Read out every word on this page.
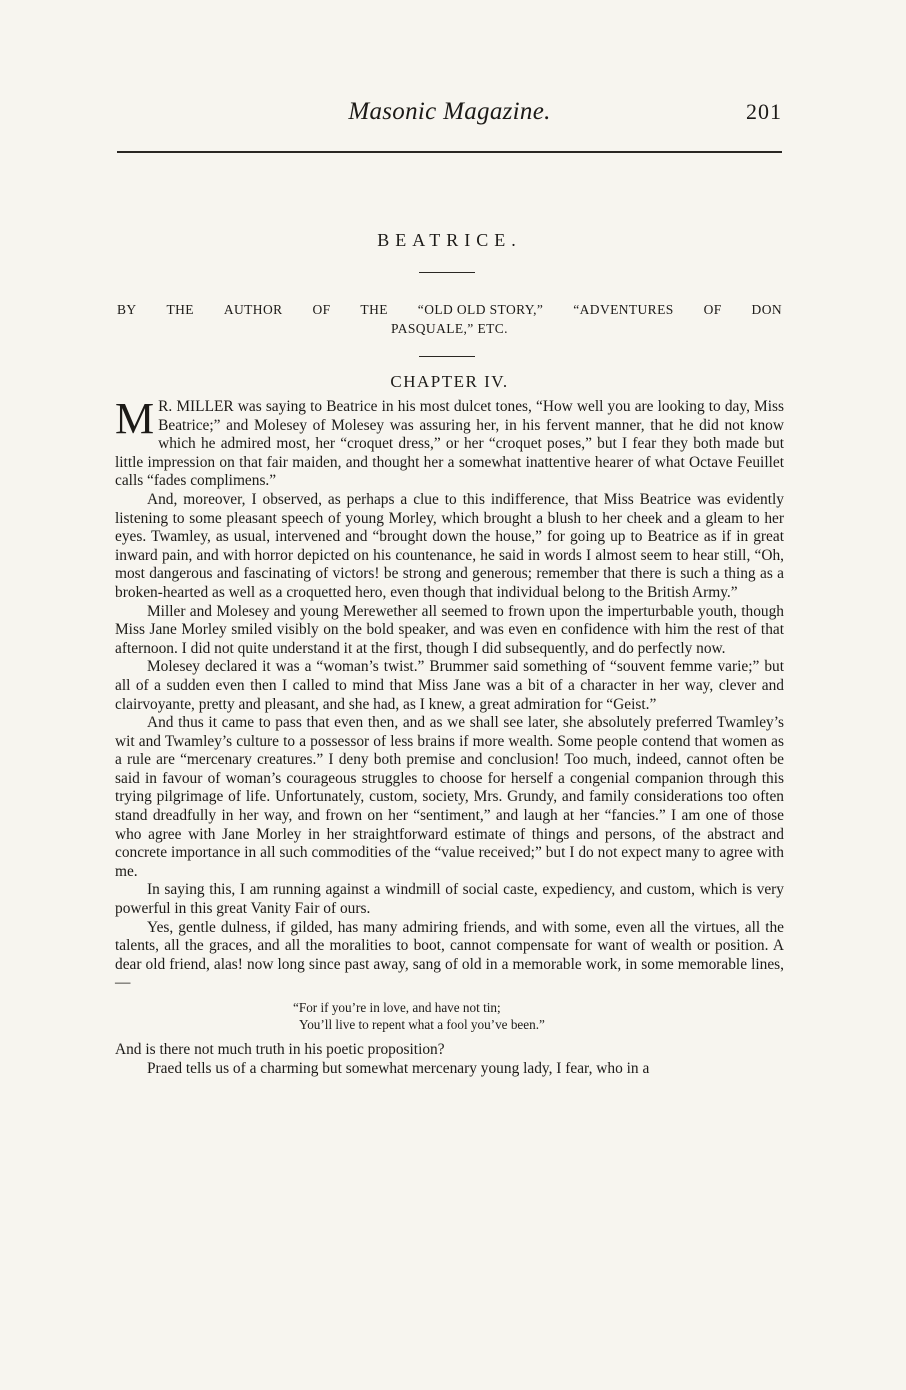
Masonic Magazine.	201
BEATRICE.
BY THE AUTHOR OF THE “OLD OLD STORY,” “ADVENTURES OF DON
PASQUALE,” ETC.
CHAPTER IV.

M R. MILLER was saying to Beatrice in his most dulcet tones, “How well you are looking to day, Miss Beatrice;” and Molesey of Molesey was assuring her, in his fervent manner, that he did not know which he admired most, her “croquet dress,” or her “croquet poses,” but I fear they both made but little impression on that fair maiden, and thought her a somewhat inattentive hearer of what Octave Feuillet calls “fades complimens.”

And, moreover, I observed, as perhaps a clue to this indifference, that Miss Beatrice was evidently listening to some pleasant speech of young Morley, which brought a blush to her cheek and a gleam to her eyes. Twamley, as usual, intervened and “brought down the house,” for going up to Beatrice as if in great inward pain, and with horror depicted on his countenance, he said in words I almost seem to hear still, “Oh, most dangerous and fascinating of victors! be strong and generous; remember that there is such a thing as a broken-hearted as well as a croquetted hero, even though that individual belong to the British Army.”

Miller and Molesey and young Merewether all seemed to frown upon the imperturbable youth, though Miss Jane Morley smiled visibly on the bold speaker, and was even en confidence with him the rest of that afternoon. I did not quite understand it at the first, though I did subsequently, and do perfectly now.

Molesey declared it was a “woman’s twist.” Brummer said something of “souvent femme varie;” but all of a sudden even then I called to mind that Miss Jane was a bit of a character in her way, clever and clairvoyante, pretty and pleasant, and she had, as I knew, a great admiration for “Geist.”

And thus it came to pass that even then, and as we shall see later, she absolutely preferred Twamley’s wit and Twamley’s culture to a possessor of less brains if more wealth. Some people contend that women as a rule are “mercenary creatures.” I deny both premise and conclusion! Too much, indeed, cannot often be said in favour of woman’s courageous struggles to choose for herself a congenial companion through this trying pilgrimage of life. Unfortunately, custom, society, Mrs. Grundy, and family considerations too often stand dreadfully in her way, and frown on her “sentiment,” and laugh at her “fancies.” I am one of those who agree with Jane Morley in her straightforward estimate of things and persons, of the abstract and concrete importance in all such commodities of the “value received;” but I do not expect many to agree with me.

In saying this, I am running against a windmill of social caste, expediency, and custom, which is very powerful in this great Vanity Fair of ours.

Yes, gentle dulness, if gilded, has many admiring friends, and with some, even all the virtues, all the talents, all the graces, and all the moralities to boot, cannot compensate for want of wealth or position. A dear old friend, alas! now long since past away, sang of old in a memorable work, in some memorable lines,—

“For if you’re in love, and have not tin;
You’ll live to repent what a fool you’ve been.”

And is there not much truth in his poetic proposition?

Praed tells us of a charming but somewhat mercenary young lady, I fear, who in a
